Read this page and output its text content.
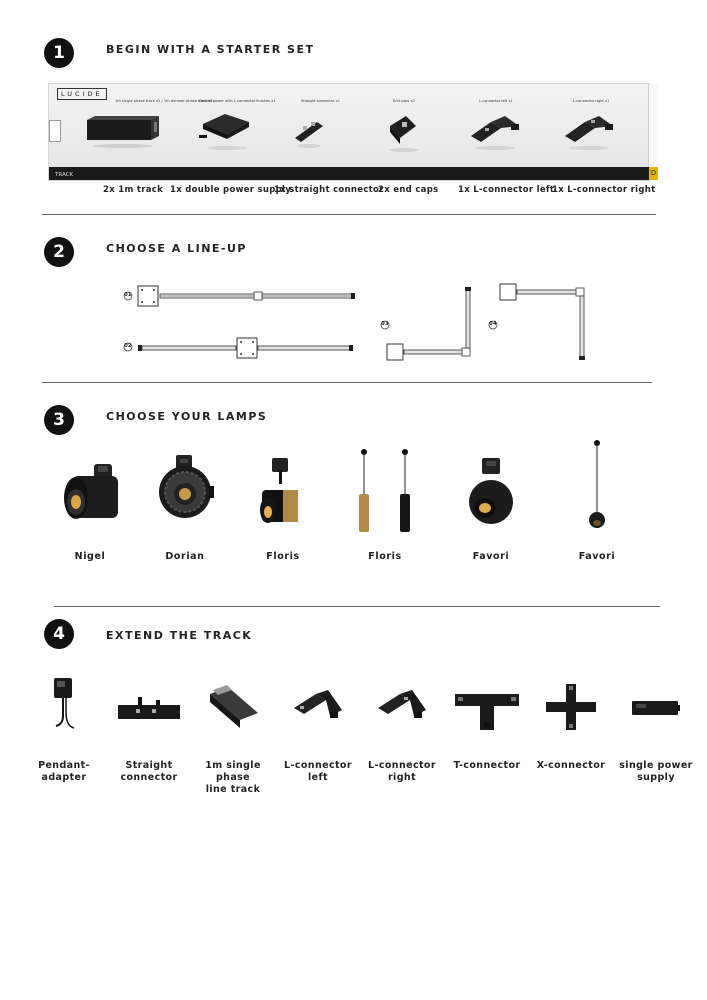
1	BEGIN WITH A STARTER SET
LUCIDE
1m single phase track x2 / 1m dimmer phase track x2
Double power with L-connector finishes x1	Straight connector x1	End caps x2	L-connector left x1	L-connector right x1
TRACK	D
2x 1m track 1x double power supply
1x straight connector
2x end caps 1x L-connector left
1x L-connector right
2	CHOOSE A LINE-UP
01
02
03	04
3	CHOOSE YOUR LAMPS
Nigel	Dorian	Floris	Floris	Favori	Favori
4	EXTEND THE TRACK
Pendant-adapter
Straight
connector
1m single phase
line track
L-connector
left
L-connector
right
T-connector	X-connector	single power
supply
